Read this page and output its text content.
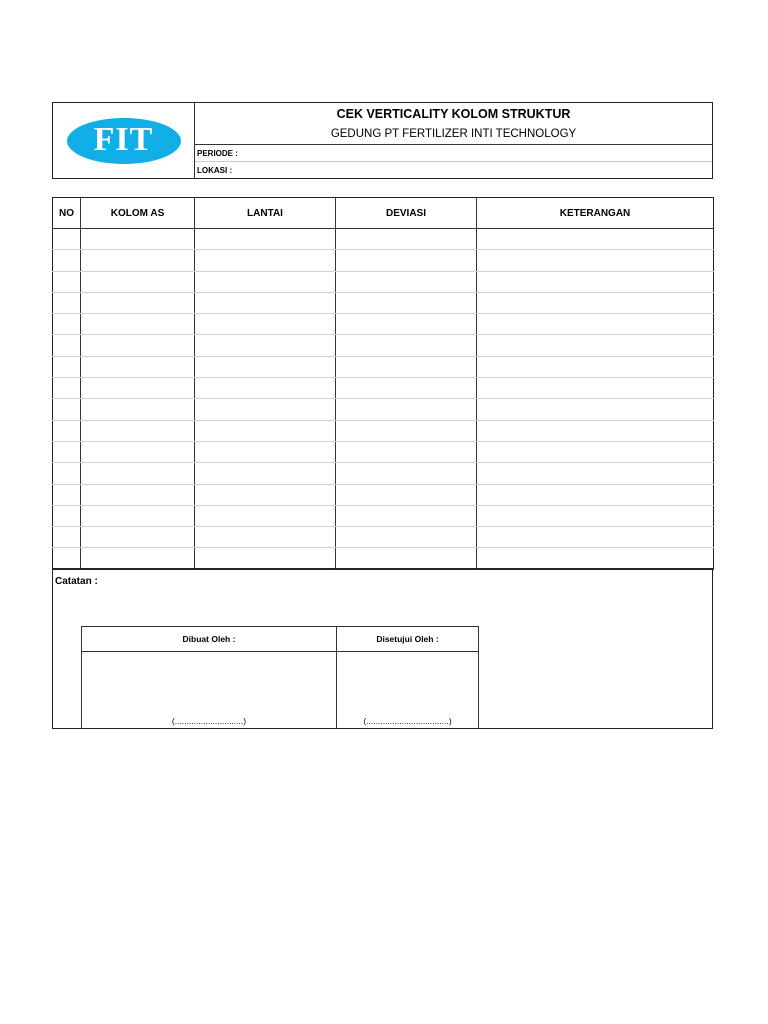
FIT
CEK VERTICALITY KOLOM STRUKTUR
GEDUNG PT FERTILIZER INTI TECHNOLOGY
PERIODE :
LOKASI :
NO	KOLOM AS	LANTAI	DEVIASI	KETERANGAN

Catatan :
Dibuat Oleh :	Disetujui Oleh :
(.............................)	(...................................)
